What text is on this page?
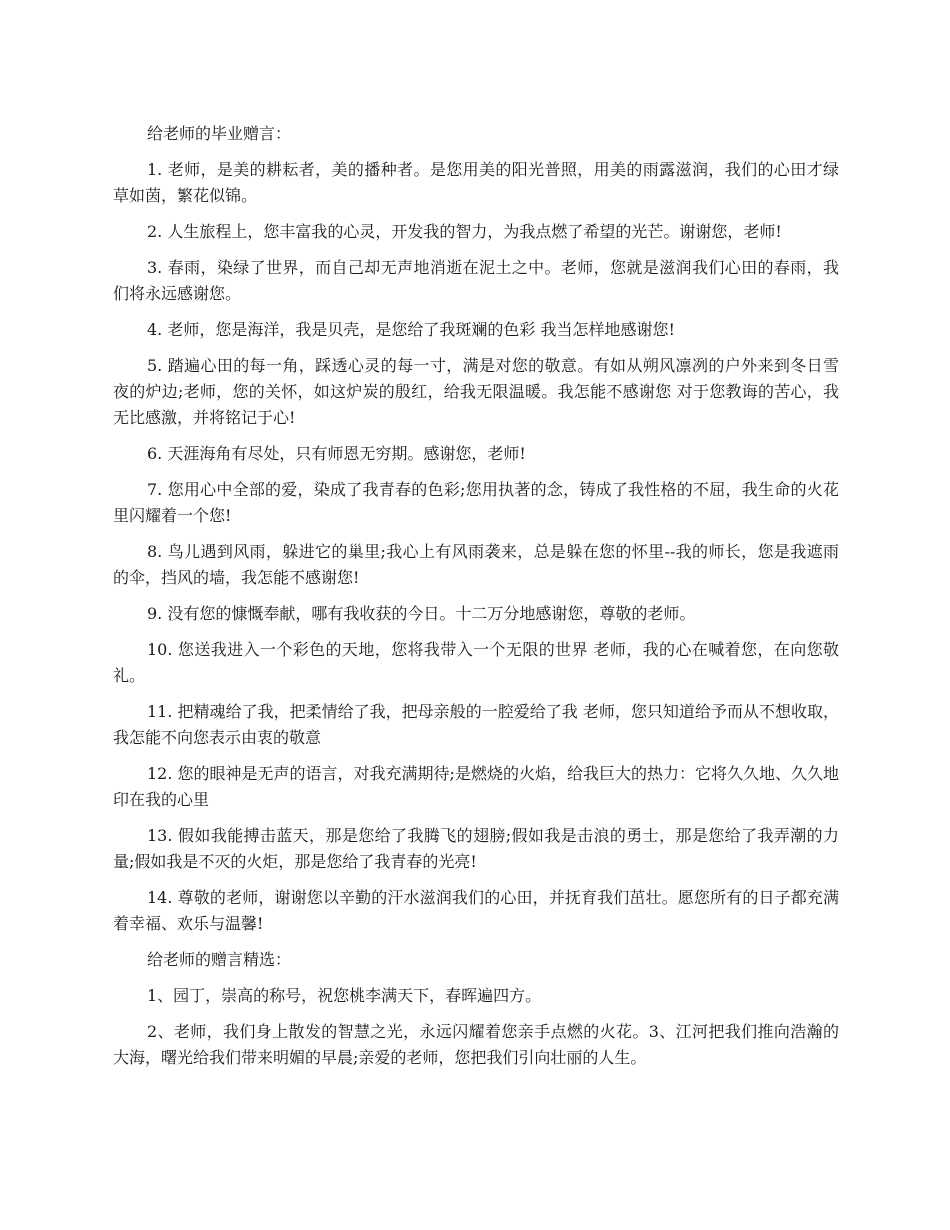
给老师的毕业赠言：

1. 老师，是美的耕耘者，美的播种者。是您用美的阳光普照，用美的雨露滋润，我们的心田才绿草如茵，繁花似锦。

2. 人生旅程上，您丰富我的心灵，开发我的智力，为我点燃了希望的光芒。谢谢您，老师!

3. 春雨，染绿了世界，而自己却无声地消逝在泥土之中。老师，您就是滋润我们心田的春雨，我们将永远感谢您。

4. 老师，您是海洋，我是贝壳，是您给了我斑斓的色彩 我当怎样地感谢您!

5. 踏遍心田的每一角，踩透心灵的每一寸，满是对您的敬意。有如从朔风凛冽的户外来到冬日雪夜的炉边;老师，您的关怀，如这炉炭的殷红，给我无限温暖。我怎能不感谢您 对于您教诲的苦心，我无比感激，并将铭记于心!

6. 天涯海角有尽处，只有师恩无穷期。感谢您，老师!

7. 您用心中全部的爱，染成了我青春的色彩;您用执著的念，铸成了我性格的不屈，我生命的火花里闪耀着一个您!

8. 鸟儿遇到风雨，躲进它的巢里;我心上有风雨袭来，总是躲在您的怀里--我的师长，您是我遮雨的伞，挡风的墙，我怎能不感谢您!

9. 没有您的慷慨奉献，哪有我收获的今日。十二万分地感谢您，尊敬的老师。

10. 您送我进入一个彩色的天地，您将我带入一个无限的世界 老师，我的心在喊着您，在向您敬礼。

11. 把精魂给了我，把柔情给了我，把母亲般的一腔爱给了我 老师，您只知道给予而从不想收取，我怎能不向您表示由衷的敬意

12. 您的眼神是无声的语言，对我充满期待;是燃烧的火焰，给我巨大的热力：它将久久地、久久地印在我的心里

13. 假如我能搏击蓝天，那是您给了我腾飞的翅膀;假如我是击浪的勇士，那是您给了我弄潮的力量;假如我是不灭的火炬，那是您给了我青春的光亮!

14. 尊敬的老师，谢谢您以辛勤的汗水滋润我们的心田，并抚育我们茁壮。愿您所有的日子都充满着幸福、欢乐与温馨!

给老师的赠言精选：

1、园丁，崇高的称号，祝您桃李满天下，春晖遍四方。

2、老师，我们身上散发的智慧之光，永远闪耀着您亲手点燃的火花。3、江河把我们推向浩瀚的大海，曙光给我们带来明媚的早晨;亲爱的老师，您把我们引向壮丽的人生。
